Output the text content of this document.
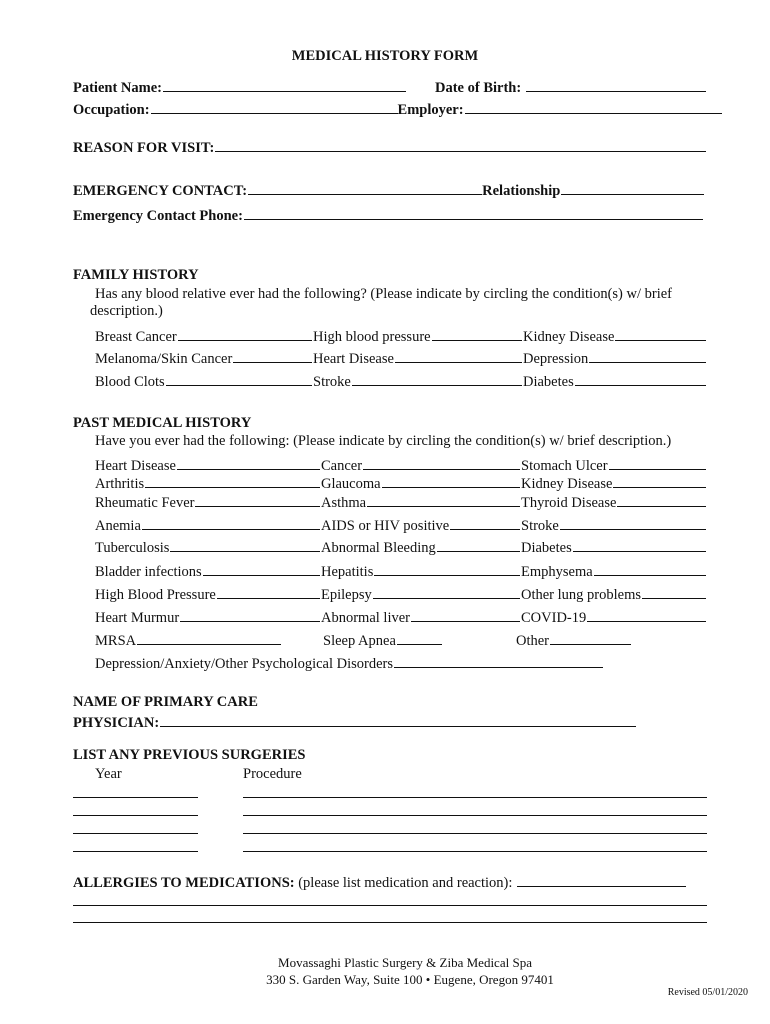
MEDICAL HISTORY FORM
Patient Name:	Date of Birth:
Occupation:	Employer:
REASON FOR VISIT:
EMERGENCY CONTACT:	Relationship
Emergency Contact Phone:
FAMILY HISTORY
Has any blood relative ever had the following? (Please indicate by circling the condition(s) w/ brief
description.)
Breast Cancer	High blood pressure	Kidney Disease
Melanoma/Skin Cancer	Heart Disease	Depression
Blood Clots	Stroke	Diabetes
PAST MEDICAL HISTORY
Have you ever had the following: (Please indicate by circling the condition(s) w/ brief description.)
Heart Disease	Cancer	Stomach Ulcer
Arthritis	Glaucoma	Kidney Disease
Rheumatic Fever	Asthma	Thyroid Disease
Anemia	AIDS or HIV positive	Stroke
Tuberculosis	Abnormal Bleeding	Diabetes
Bladder infections	Hepatitis	Emphysema
High Blood Pressure	Epilepsy	Other lung problems
Heart Murmur	Abnormal liver	COVID-19
MRSA	Sleep Apnea	Other
Depression/Anxiety/Other Psychological Disorders
NAME OF PRIMARY CARE
PHYSICIAN:
LIST ANY PREVIOUS SURGERIES
Year	Procedure
ALLERGIES TO MEDICATIONS: (please list medication and reaction):
Movassaghi Plastic Surgery & Ziba Medical Spa
330 S. Garden Way, Suite 100 • Eugene, Oregon 97401
Revised 05/01/2020
